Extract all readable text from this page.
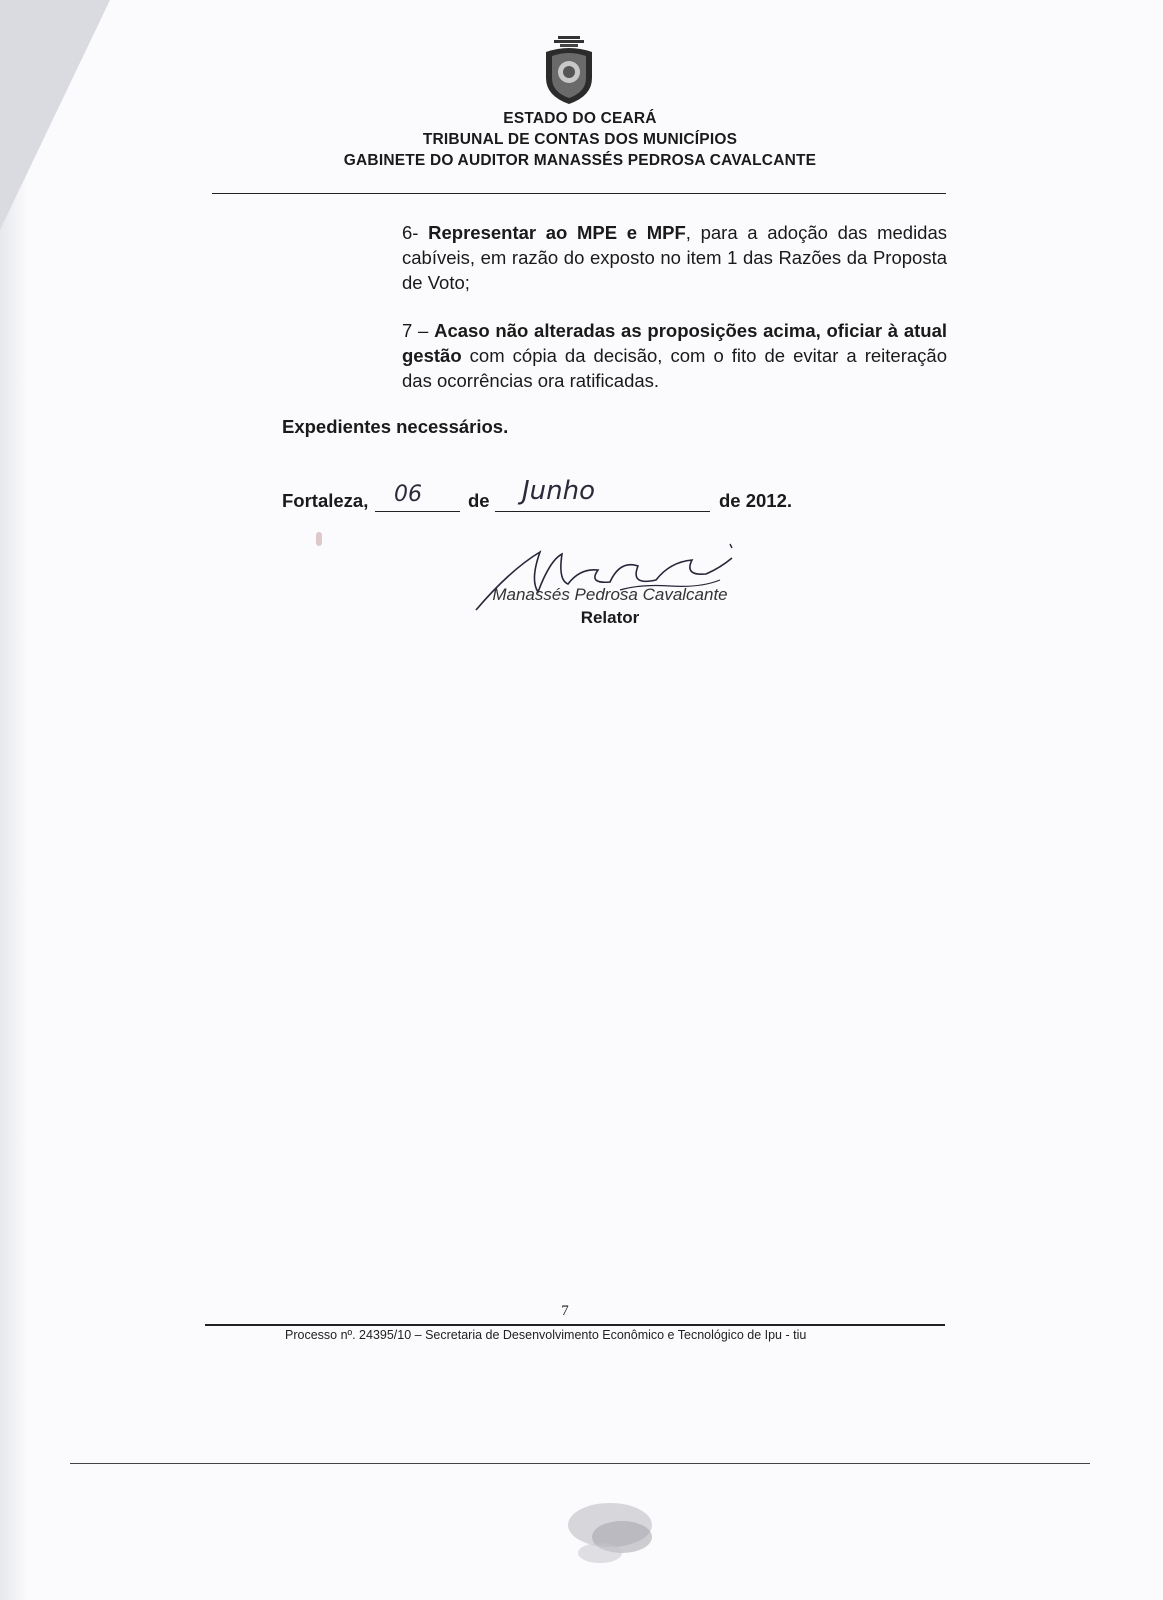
ESTADO DO CEARÁ
TRIBUNAL DE CONTAS DOS MUNICÍPIOS
GABINETE DO AUDITOR MANASSÉS PEDROSA CAVALCANTE
6- Representar ao MPE e MPF, para a adoção das medidas cabíveis, em razão do exposto no item 1 das Razões da Proposta de Voto;
7 – Acaso não alteradas as proposições acima, oficiar à atual gestão com cópia da decisão, com o fito de evitar a reiteração das ocorrências ora ratificadas.
Expedientes necessários.
Fortaleza, 06 de Junho	de 2012.
Manassés Pedrosa Cavalcante
Relator
7
Processo nº. 24395/10 – Secretaria de Desenvolvimento Econômico e Tecnológico de Ipu - tiu
